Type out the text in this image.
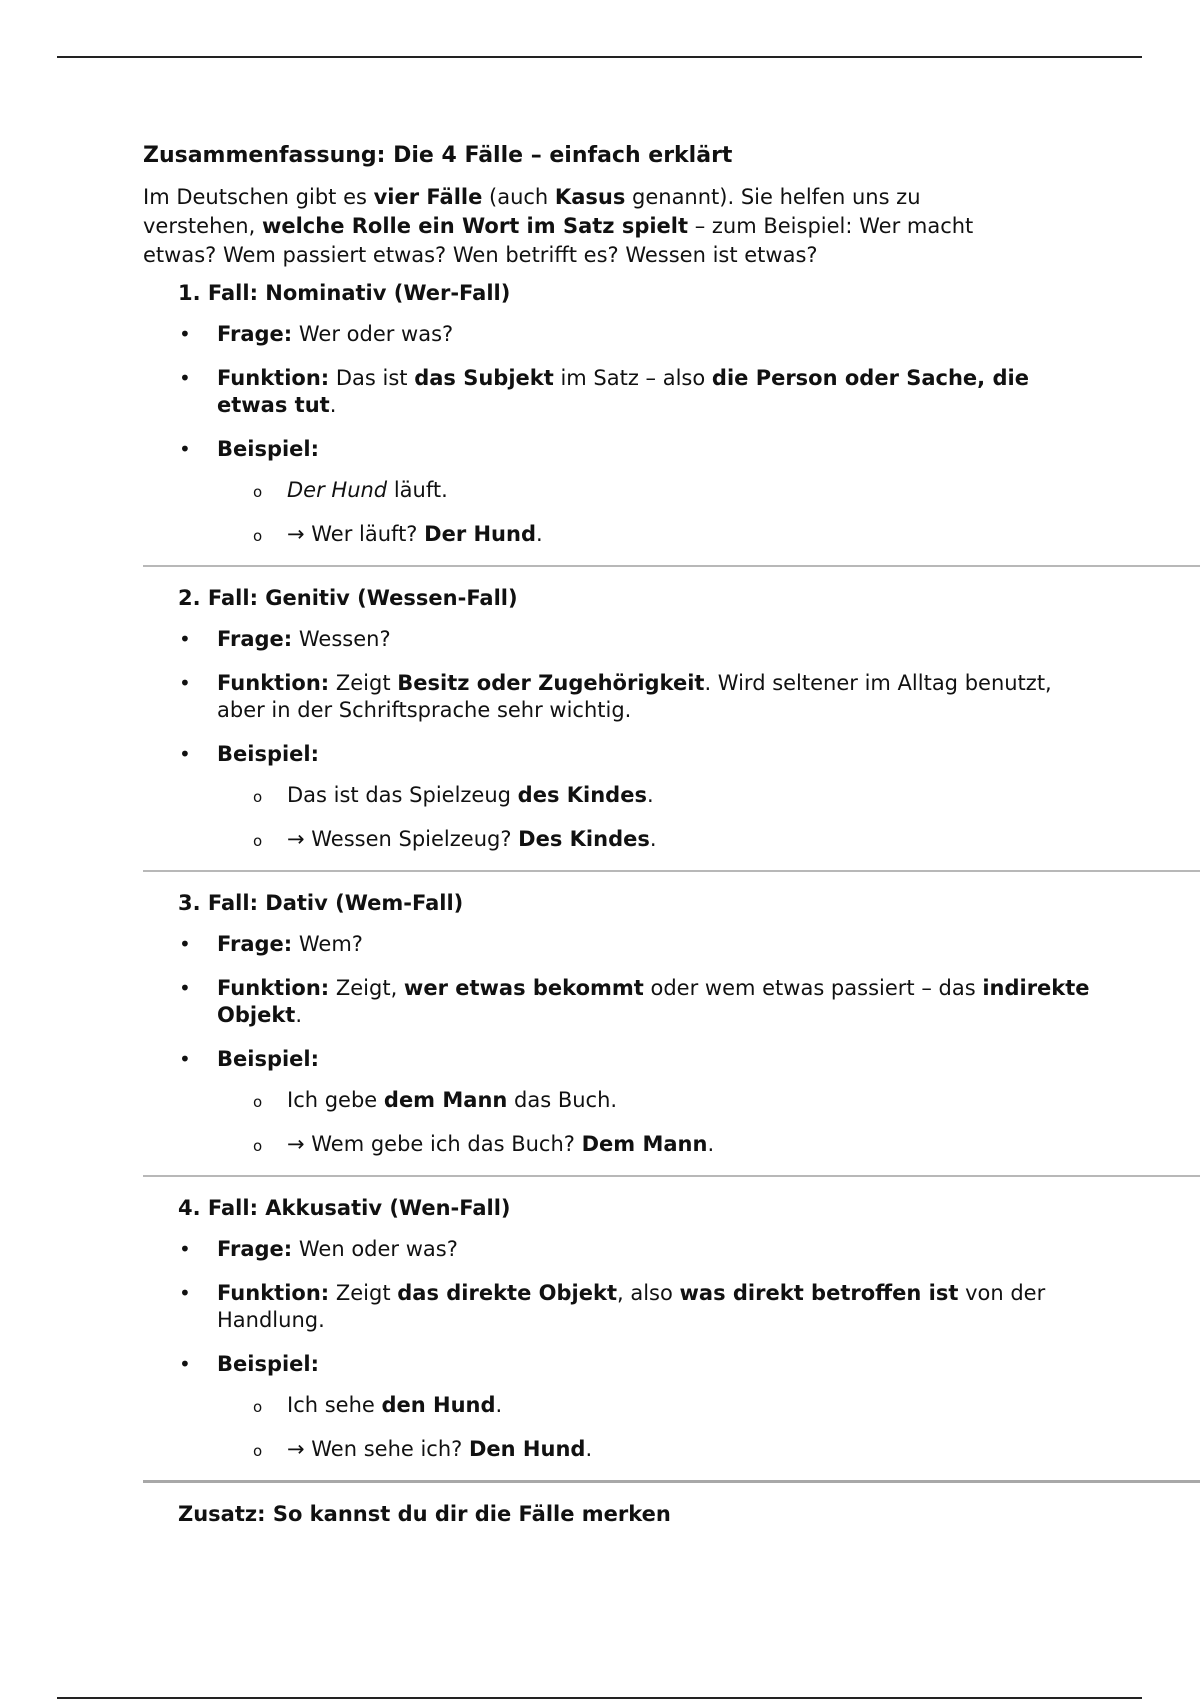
Zusammenfassung: Die 4 Fälle – einfach erklärt

Im Deutschen gibt es vier Fälle (auch Kasus genannt). Sie helfen uns zu verstehen, welche Rolle ein Wort im Satz spielt – zum Beispiel: Wer macht etwas? Wem passiert etwas? Wen betrifft es? Wessen ist etwas?

1. Fall: Nominativ (Wer-Fall)
• Frage: Wer oder was?
• Funktion: Das ist das Subjekt im Satz – also die Person oder Sache, die etwas tut.
• Beispiel:
o Der Hund läuft.
o → Wer läuft? Der Hund.
2. Fall: Genitiv (Wessen-Fall)
• Frage: Wessen?
• Funktion: Zeigt Besitz oder Zugehörigkeit. Wird seltener im Alltag benutzt, aber in der Schriftsprache sehr wichtig.
• Beispiel:
o Das ist das Spielzeug des Kindes.
o → Wessen Spielzeug? Des Kindes.
3. Fall: Dativ (Wem-Fall)
• Frage: Wem?
• Funktion: Zeigt, wer etwas bekommt oder wem etwas passiert – das indirekte Objekt.
• Beispiel:
o Ich gebe dem Mann das Buch.
o → Wem gebe ich das Buch? Dem Mann.
4. Fall: Akkusativ (Wen-Fall)
• Frage: Wen oder was?
• Funktion: Zeigt das direkte Objekt, also was direkt betroffen ist von der Handlung.
• Beispiel:
o Ich sehe den Hund.
o → Wen sehe ich? Den Hund.
Zusatz: So kannst du dir die Fälle merken
